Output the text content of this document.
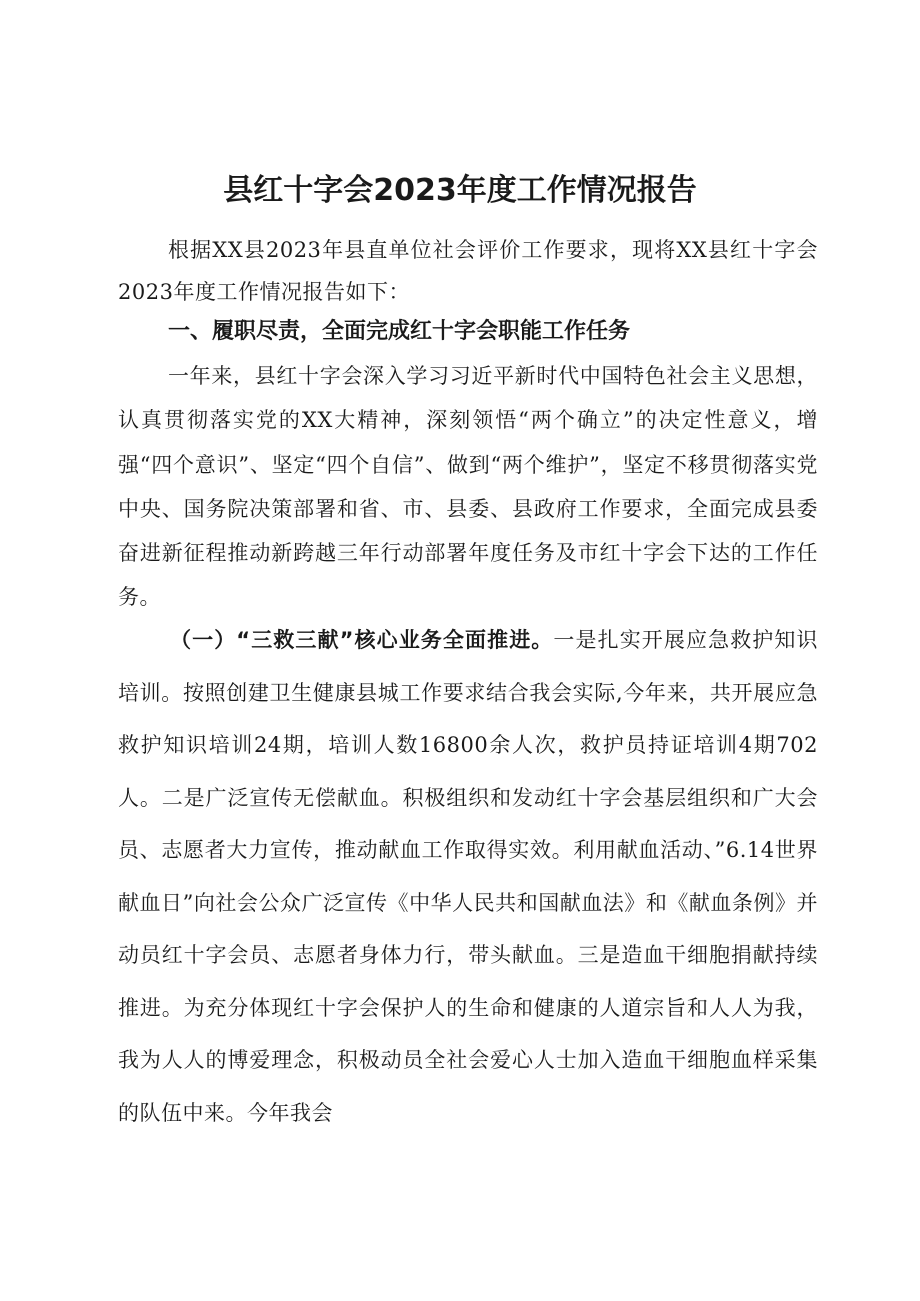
县红十字会2023年度工作情况报告

根据XX县2023年县直单位社会评价工作要求，现将XX县红十字会2023年度工作情况报告如下：

一、履职尽责，全面完成红十字会职能工作任务

一年来，县红十字会深入学习习近平新时代中国特色社会主义思想，认真贯彻落实党的XX大精神，深刻领悟“两个确立”的决定性意义，增强“四个意识”、坚定“四个自信”、做到“两个维护”，坚定不移贯彻落实党中央、国务院决策部署和省、市、县委、县政府工作要求，全面完成县委奋进新征程推动新跨越三年行动部署年度任务及市红十字会下达的工作任务。

（一）“三救三献”核心业务全面推进。一是扎实开展应急救护知识培训。按照创建卫生健康县城工作要求结合我会实际,今年来，共开展应急救护知识培训24期，培训人数16800余人次，救护员持证培训4期702人。二是广泛宣传无偿献血。积极组织和发动红十字会基层组织和广大会员、志愿者大力宣传，推动献血工作取得实效。利用献血活动、”6.14世界献血日”向社会公众广泛宣传《中华人民共和国献血法》和《献血条例》并动员红十字会员、志愿者身体力行，带头献血。三是造血干细胞捐献持续推进。为充分体现红十字会保护人的生命和健康的人道宗旨和人人为我，我为人人的博爱理念，积极动员全社会爱心人士加入造血干细胞血样采集的队伍中来。今年我会
